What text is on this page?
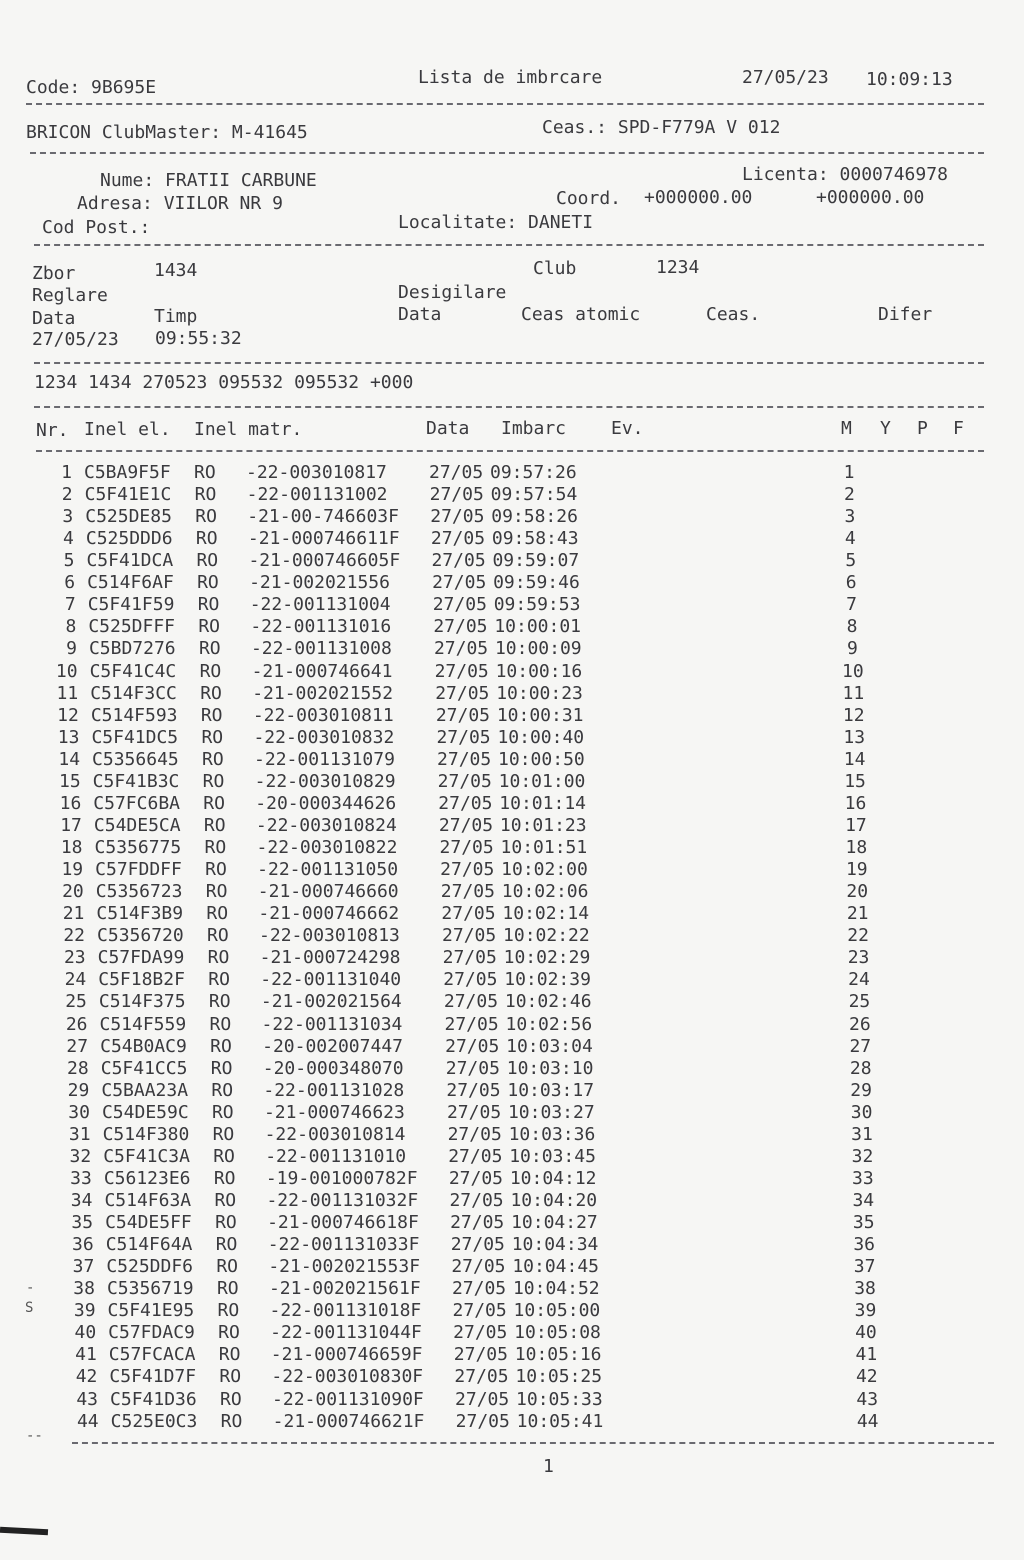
Code: 9B695E	Lista de imbrcare	27/05/23 10:09:13
BRICON ClubMaster: M-41645	Ceas.: SPD-F779A V 012
Nume: FRATII CARBUNE	Licenta: 0000746978
Adresa: VIILOR NR 9	Coord. +000000.00	+000000.00
Cod Post.:	Localitate: DANETI
Zbor	1434	Club	1234
Reglare	Desigilare
Data	Timp	Data	Ceas atomic	Ceas.	Difer
27/05/23 09:55:32
1234 1434 270523 095532 095532 +000
Nr. Inel el. Inel matr.	Data Imbarc Ev.	M Y P F
1 C5BA9F5F RO -22-003010817 27/05 09:57:26	1
2 C5F41E1C RO -22-001131002 27/05 09:57:54	2
3 C525DE85 RO -21-00-746603F 27/05 09:58:26	3
4 C525DDD6 RO -21-000746611F 27/05 09:58:43	4
5 C5F41DCA RO -21-000746605F 27/05 09:59:07	5
6 C514F6AF RO -21-002021556 27/05 09:59:46	6
7 C5F41F59 RO -22-001131004 27/05 09:59:53	7
8 C525DFFF RO -22-001131016 27/05 10:00:01	8
9 C5BD7276 RO -22-001131008 27/05 10:00:09	9
10 C5F41C4C RO -21-000746641 27/05 10:00:16	10
11 C514F3CC RO -21-002021552 27/05 10:00:23	11
12 C514F593 RO -22-003010811 27/05 10:00:31	12
13 C5F41DC5 RO -22-003010832 27/05 10:00:40	13
14 C5356645 RO -22-001131079 27/05 10:00:50	14
15 C5F41B3C RO -22-003010829 27/05 10:01:00	15
16 C57FC6BA RO -20-000344626 27/05 10:01:14	16
17 C54DE5CA RO -22-003010824 27/05 10:01:23	17
18 C5356775 RO -22-003010822 27/05 10:01:51	18
19 C57FDDFF RO -22-001131050 27/05 10:02:00	19
20 C5356723 RO -21-000746660 27/05 10:02:06	20
21 C514F3B9 RO -21-000746662 27/05 10:02:14	21
22 C5356720 RO -22-003010813 27/05 10:02:22	22
23 C57FDA99 RO -21-000724298 27/05 10:02:29	23
24 C5F18B2F RO -22-001131040 27/05 10:02:39	24
25 C514F375 RO -21-002021564 27/05 10:02:46	25
26 C514F559 RO -22-001131034 27/05 10:02:56	26
27 C54B0AC9 RO -20-002007447 27/05 10:03:04	27
28 C5F41CC5 RO -20-000348070 27/05 10:03:10	28
29 C5BAA23A RO -22-001131028 27/05 10:03:17	29
30 C54DE59C RO -21-000746623 27/05 10:03:27	30
31 C514F380 RO -22-003010814 27/05 10:03:36	31
32 C5F41C3A RO -22-001131010 27/05 10:03:45	32
33 C56123E6 RO -19-001000782F 27/05 10:04:12	33
34 C514F63A RO -22-001131032F 27/05 10:04:20	34
35 C54DE5FF RO -21-000746618F 27/05 10:04:27	35
36 C514F64A RO -22-001131033F 27/05 10:04:34	36
37 C525DDF6 RO -21-002021553F 27/05 10:04:45	37
38 C5356719 RO -21-002021561F 27/05 10:04:52	38
39 C5F41E95 RO -22-001131018F 27/05 10:05:00	39
40 C57FDAC9 RO -22-001131044F 27/05 10:05:08	40
41 C57FCACA RO -21-000746659F 27/05 10:05:16	41
42 C5F41D7F RO -22-003010830F 27/05 10:05:25	42
43 C5F41D36 RO -22-001131090F 27/05 10:05:33	43
44 C525E0C3 RO -21-000746621F 27/05 10:05:41	44
-
S
--
1
